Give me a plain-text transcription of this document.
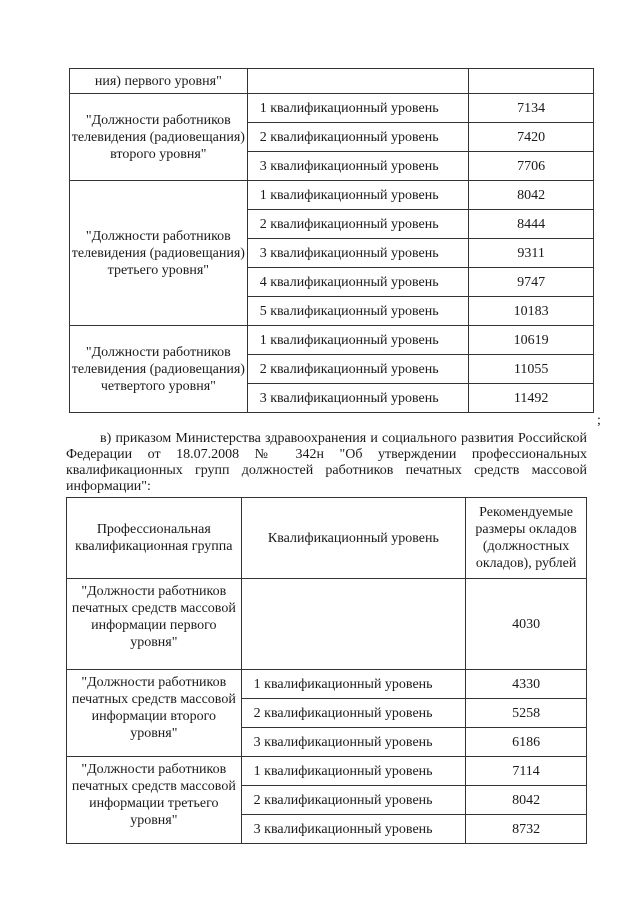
ния) первого уровня"		
"Должности работников телевидения (радиовещания) второго уровня"	1 квалификационный уровень	7134
	2 квалификационный уровень	7420
	3 квалификационный уровень	7706
"Должности работников телевидения (радиовещания) третьего уровня"	1 квалификационный уровень	8042
	2 квалификационный уровень	8444
	3 квалификационный уровень	9311
	4 квалификационный уровень	9747
	5 квалификационный уровень	10183
"Должности работников телевидения (радиовещания) четвертого уровня"	1 квалификационный уровень	10619
	2 квалификационный уровень	11055
	3 квалификационный уровень	11492
;

в) приказом Министерства здравоохранения и социального развития Российской Федерации от 18.07.2008 № 342н "Об утверждении профессиональных квалификационных групп должностей работников печатных средств массовой информации":

Профессиональная квалификационная группа	Квалификационный уровень	Рекомендуемые размеры окладов (должностных окладов), рублей
"Должности работников печатных средств массовой информации первого уровня"		4030
"Должности работников печатных средств массовой информации второго уровня"	1 квалификационный уровень	4330
	2 квалификационный уровень	5258
	3 квалификационный уровень	6186
"Должности работников печатных средств массовой информации третьего уровня"	1 квалификационный уровень	7114
	2 квалификационный уровень	8042
	3 квалификационный уровень	8732
